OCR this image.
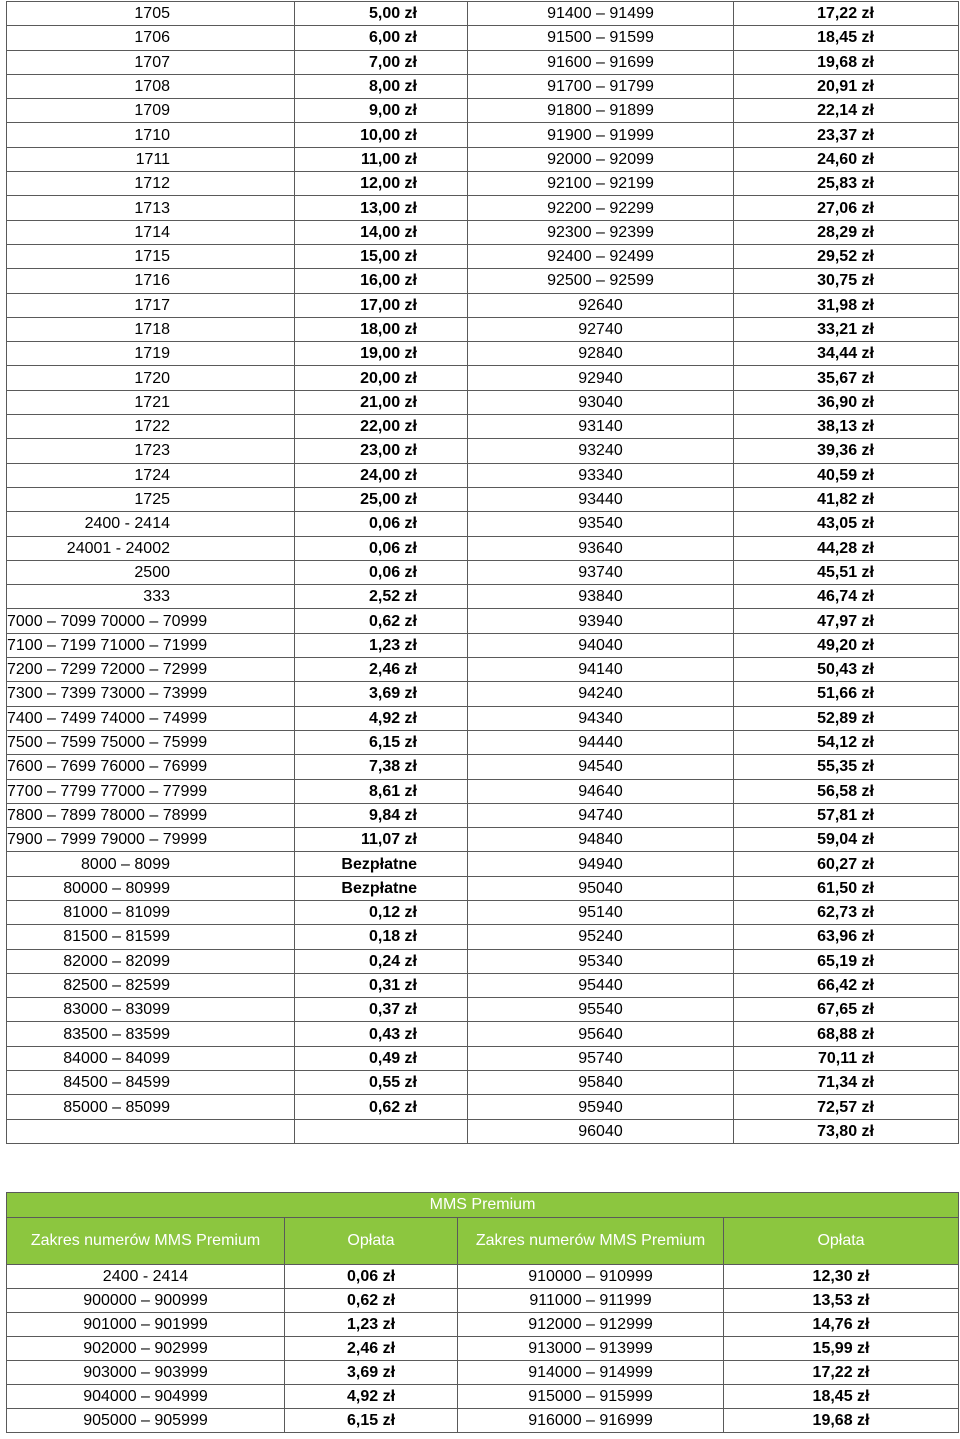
1705	5,00 zł	91400 – 91499	17,22 zł
1706	6,00 zł	91500 – 91599	18,45 zł
1707	7,00 zł	91600 – 91699	19,68 zł
1708	8,00 zł	91700 – 91799	20,91 zł
1709	9,00 zł	91800 – 91899	22,14 zł
1710	10,00 zł	91900 – 91999	23,37 zł
1711	11,00 zł	92000 – 92099	24,60 zł
1712	12,00 zł	92100 – 92199	25,83 zł
1713	13,00 zł	92200 – 92299	27,06 zł
1714	14,00 zł	92300 – 92399	28,29 zł
1715	15,00 zł	92400 – 92499	29,52 zł
1716	16,00 zł	92500 – 92599	30,75 zł
1717	17,00 zł	92640	31,98 zł
1718	18,00 zł	92740	33,21 zł
1719	19,00 zł	92840	34,44 zł
1720	20,00 zł	92940	35,67 zł
1721	21,00 zł	93040	36,90 zł
1722	22,00 zł	93140	38,13 zł
1723	23,00 zł	93240	39,36 zł
1724	24,00 zł	93340	40,59 zł
1725	25,00 zł	93440	41,82 zł
2400 - 2414	0,06 zł	93540	43,05 zł
24001 - 24002	0,06 zł	93640	44,28 zł
2500	0,06 zł	93740	45,51 zł
333	2,52 zł	93840	46,74 zł
7000 – 7099 70000 – 70999	0,62 zł	93940	47,97 zł
7100 – 7199 71000 – 71999	1,23 zł	94040	49,20 zł
7200 – 7299 72000 – 72999	2,46 zł	94140	50,43 zł
7300 – 7399 73000 – 73999	3,69 zł	94240	51,66 zł
7400 – 7499 74000 – 74999	4,92 zł	94340	52,89 zł
7500 – 7599 75000 – 75999	6,15 zł	94440	54,12 zł
7600 – 7699 76000 – 76999	7,38 zł	94540	55,35 zł
7700 – 7799 77000 – 77999	8,61 zł	94640	56,58 zł
7800 – 7899 78000 – 78999	9,84 zł	94740	57,81 zł
7900 – 7999 79000 – 79999	11,07 zł	94840	59,04 zł
8000 – 8099	Bezpłatne	94940	60,27 zł
80000 – 80999	Bezpłatne	95040	61,50 zł
81000 – 81099	0,12 zł	95140	62,73 zł
81500 – 81599	0,18 zł	95240	63,96 zł
82000 – 82099	0,24 zł	95340	65,19 zł
82500 – 82599	0,31 zł	95440	66,42 zł
83000 – 83099	0,37 zł	95540	67,65 zł
83500 – 83599	0,43 zł	95640	68,88 zł
84000 – 84099	0,49 zł	95740	70,11 zł
84500 – 84599	0,55 zł	95840	71,34 zł
85000 – 85099	0,62 zł	95940	72,57 zł
		96040	73,80 zł
MMS Premium			
Zakres numerów MMS Premium	Opłata	Zakres numerów MMS Premium	Opłata
2400 - 2414	0,06 zł	910000 – 910999	12,30 zł
900000 – 900999	0,62 zł	911000 – 911999	13,53 zł
901000 – 901999	1,23 zł	912000 – 912999	14,76 zł
902000 – 902999	2,46 zł	913000 – 913999	15,99 zł
903000 – 903999	3,69 zł	914000 – 914999	17,22 zł
904000 – 904999	4,92 zł	915000 – 915999	18,45 zł
905000 – 905999	6,15 zł	916000 – 916999	19,68 zł
